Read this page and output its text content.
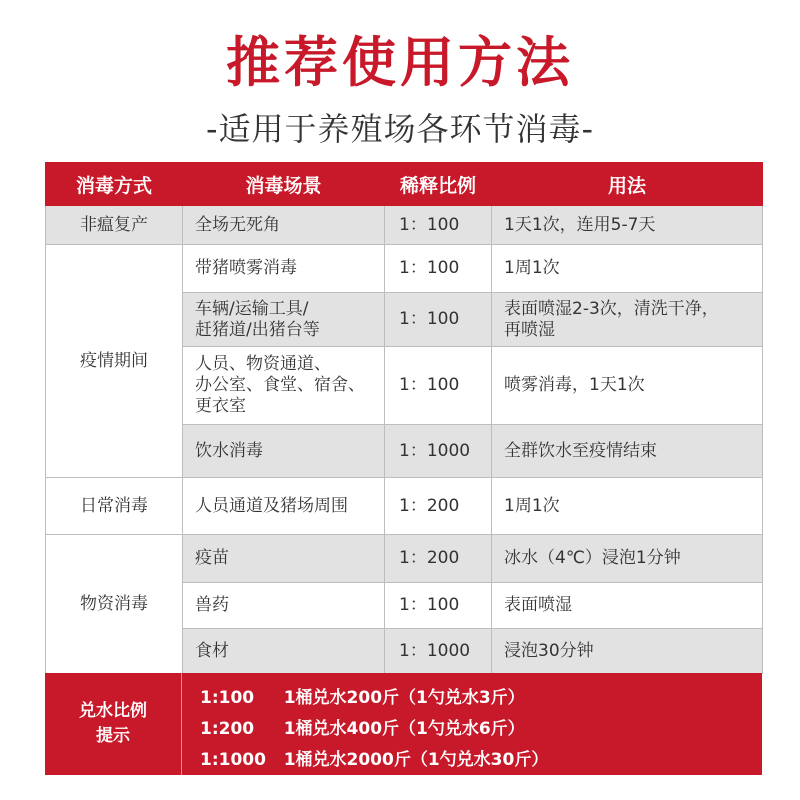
推荐使用方法
-适用于养殖场各环节消毒-
消毒方式	消毒场景	稀释比例	用法
非瘟复产	全场无死角	1：100	1天1次，连用5-7天
疫情期间	带猪喷雾消毒	1：100	1周1次
	车辆/运输工具/
赶猪道/出猪台等	1：100	表面喷湿2-3次，清洗干净，
再喷湿
	人员、物资通道、
办公室、食堂、宿舍、
更衣室	1：100	喷雾消毒，1天1次
	饮水消毒	1：1000	全群饮水至疫情结束
日常消毒	人员通道及猪场周围	1：200	1周1次
物资消毒	疫苗	1：200	冰水（4℃）浸泡1分钟
	兽药	1：100	表面喷湿
	食材	1：1000	浸泡30分钟
兑水比例
提示
1:100     1桶兑水200斤（1勺兑水3斤）
1:200     1桶兑水400斤（1勺兑水6斤）
1:1000   1桶兑水2000斤（1勺兑水30斤）
